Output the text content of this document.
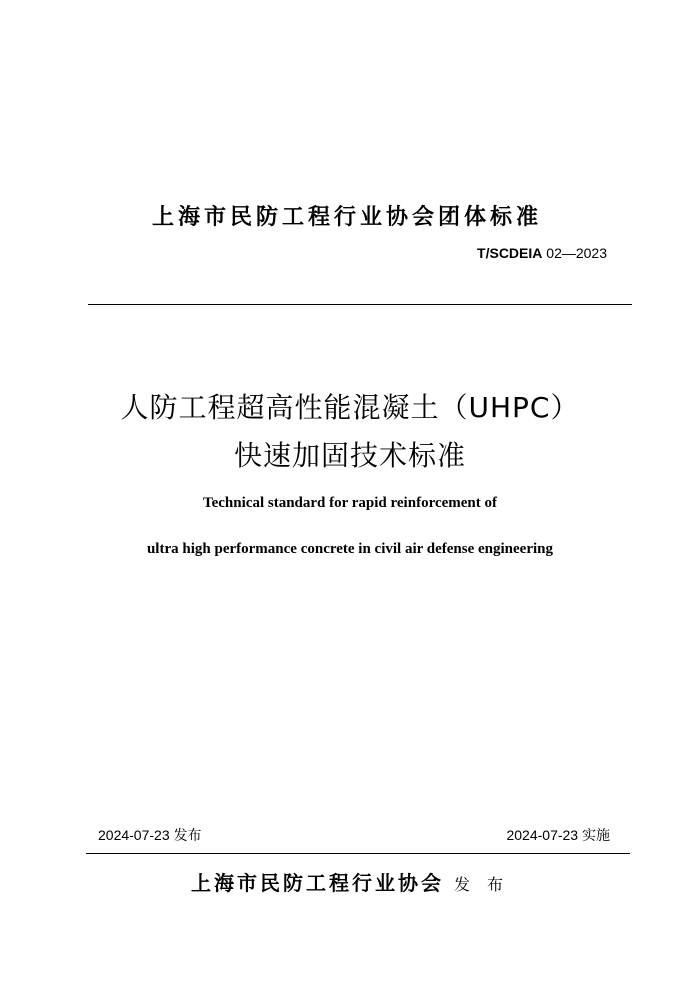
上海市民防工程行业协会团体标准
T/SCDEIA 02—2023
人防工程超高性能混凝土（UHPC）
快速加固技术标准
Technical standard for rapid reinforcement of
ultra high performance concrete in civil air defense engineering
2024-07-23 发布	2024-07-23 实施
上海市民防工程行业协会 发 布
